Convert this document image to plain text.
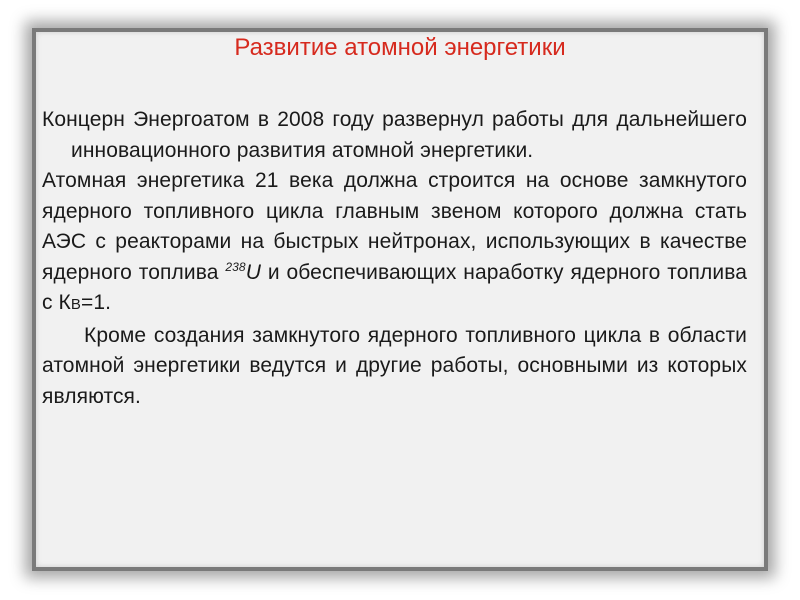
Развитие атомной энергетики

Концерн Энергоатом в 2008 году развернул работы для дальнейшего инновационного развития атомной энергетики.

Атомная энергетика 21 века должна строится на основе замкнутого ядерного топливного цикла главным звеном которого должна стать АЭС с реакторами на быстрых нейтронах, использующих в качестве ядерного топлива $^{238}$U и обеспечивающих наработку ядерного топлива с КВ=1.

Кроме создания замкнутого ядерного топливного цикла в области атомной энергетики ведутся и другие работы, основными из которых являются.
